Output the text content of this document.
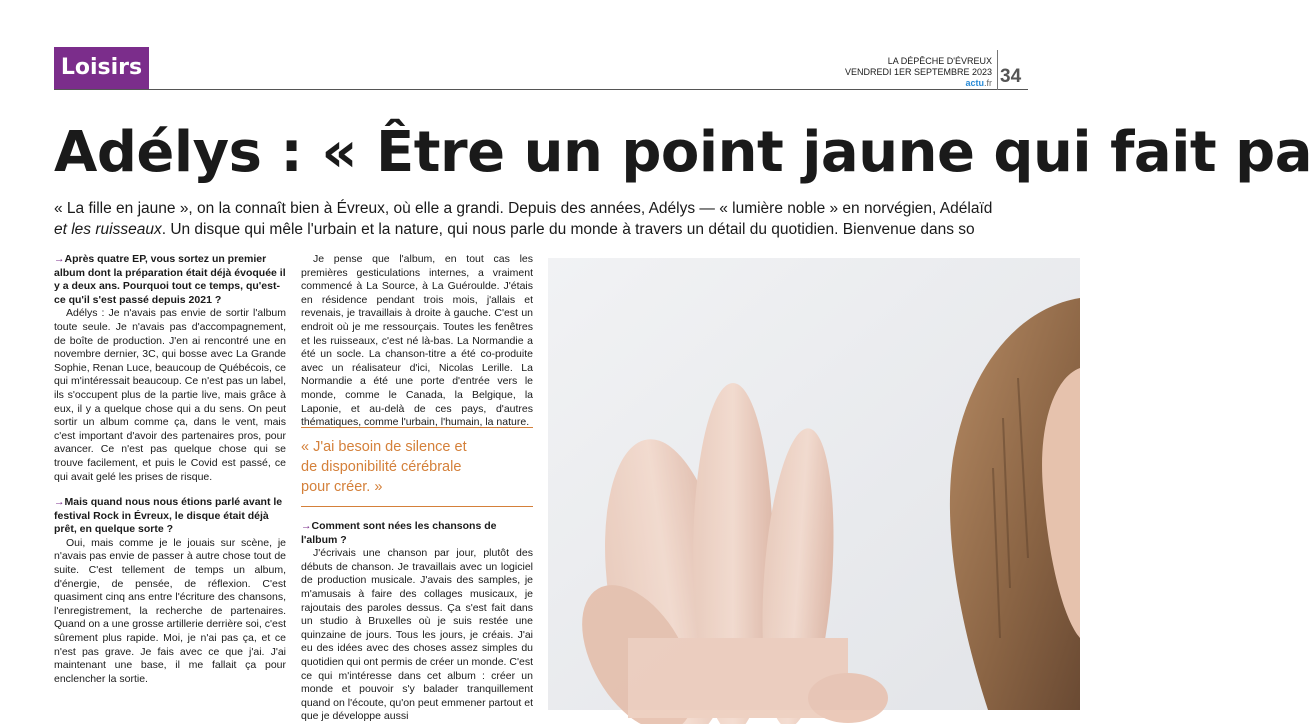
Loisirs	LA DÉPÊCHE D'ÉVREUX
VENDREDI 1ER SEPTEMBRE 2023
actu.fr 34
Adélys : « Être un point jaune qui fait pa

« La fille en jaune », on la connaît bien à Évreux, où elle a grandi. Depuis des années, Adélys — « lumière noble » en norvégien, Adélaïd

et les ruisseaux. Un disque qui mêle l'urbain et la nature, qui nous parle du monde à travers un détail du quotidien. Bienvenue dans so

→Après quatre EP, vous sortez un premier album dont la préparation était déjà évoquée il y a deux ans. Pourquoi tout ce temps, qu'est-ce qu'il s'est passé depuis 2021 ?

Adélys : Je n'avais pas envie de sortir l'album toute seule. Je n'avais pas d'accompagnement, de boîte de production. J'en ai rencontré une en novembre dernier, 3C, qui bosse avec La Grande Sophie, Renan Luce, beaucoup de Québécois, ce qui m'intéressait beaucoup. Ce n'est pas un label, ils s'occupent plus de la partie live, mais grâce à eux, il y a quelque chose qui a du sens. On peut sortir un album comme ça, dans le vent, mais c'est important d'avoir des partenaires pros, pour avancer. Ce n'est pas quelque chose qui se trouve facilement, et puis le Covid est passé, ce qui avait gelé les prises de risque.

→Mais quand nous nous étions parlé avant le festival Rock in Évreux, le disque était déjà prêt, en quelque sorte ?

Oui, mais comme je le jouais sur scène, je n'avais pas envie de passer à autre chose tout de suite. C'est tellement de temps un album, d'énergie, de pensée, de réflexion. C'est quasiment cinq ans entre l'écriture des chansons, l'enregistrement, la recherche de partenaires. Quand on a une grosse artillerie derrière soi, c'est sûrement plus rapide. Moi, je n'ai pas ça, et ce n'est pas grave. Je fais avec ce que j'ai. J'ai maintenant une base, il me fallait ça pour enclencher la sortie.

Je pense que l'album, en tout cas les premières gesticulations internes, a vraiment commencé à La Source, à La Guéroulde. J'étais en résidence pendant trois mois, j'allais et revenais, je travaillais à droite à gauche. C'est un endroit où je me ressourçais. Toutes les fenêtres et les ruisseaux, c'est né là-bas. La Normandie a été un socle. La chanson-titre a été co-produite avec un réalisateur d'ici, Nicolas Lerille. La Normandie a été une porte d'entrée vers le monde, comme le Canada, la Belgique, la Laponie, et au-delà de ces pays, d'autres thématiques, comme l'urbain, l'humain, la nature.

« J'ai besoin de silence et
de disponibilité cérébrale
pour créer. »

→Comment sont nées les chansons de l'album ?

J'écrivais une chanson par jour, plutôt des débuts de chanson. Je travaillais avec un logiciel de production musicale. J'avais des samples, je m'amusais à faire des collages musicaux, je rajoutais des paroles dessus. Ça s'est fait dans un studio à Bruxelles où je suis restée une quinzaine de jours. Tous les jours, je créais. J'ai eu des idées avec des choses assez simples du quotidien qui ont permis de créer un monde. C'est ce qui m'intéresse dans cet album : créer un monde et pouvoir s'y balader tranquillement quand on l'écoute, qu'on peut emmener partout et que je développe aussi
